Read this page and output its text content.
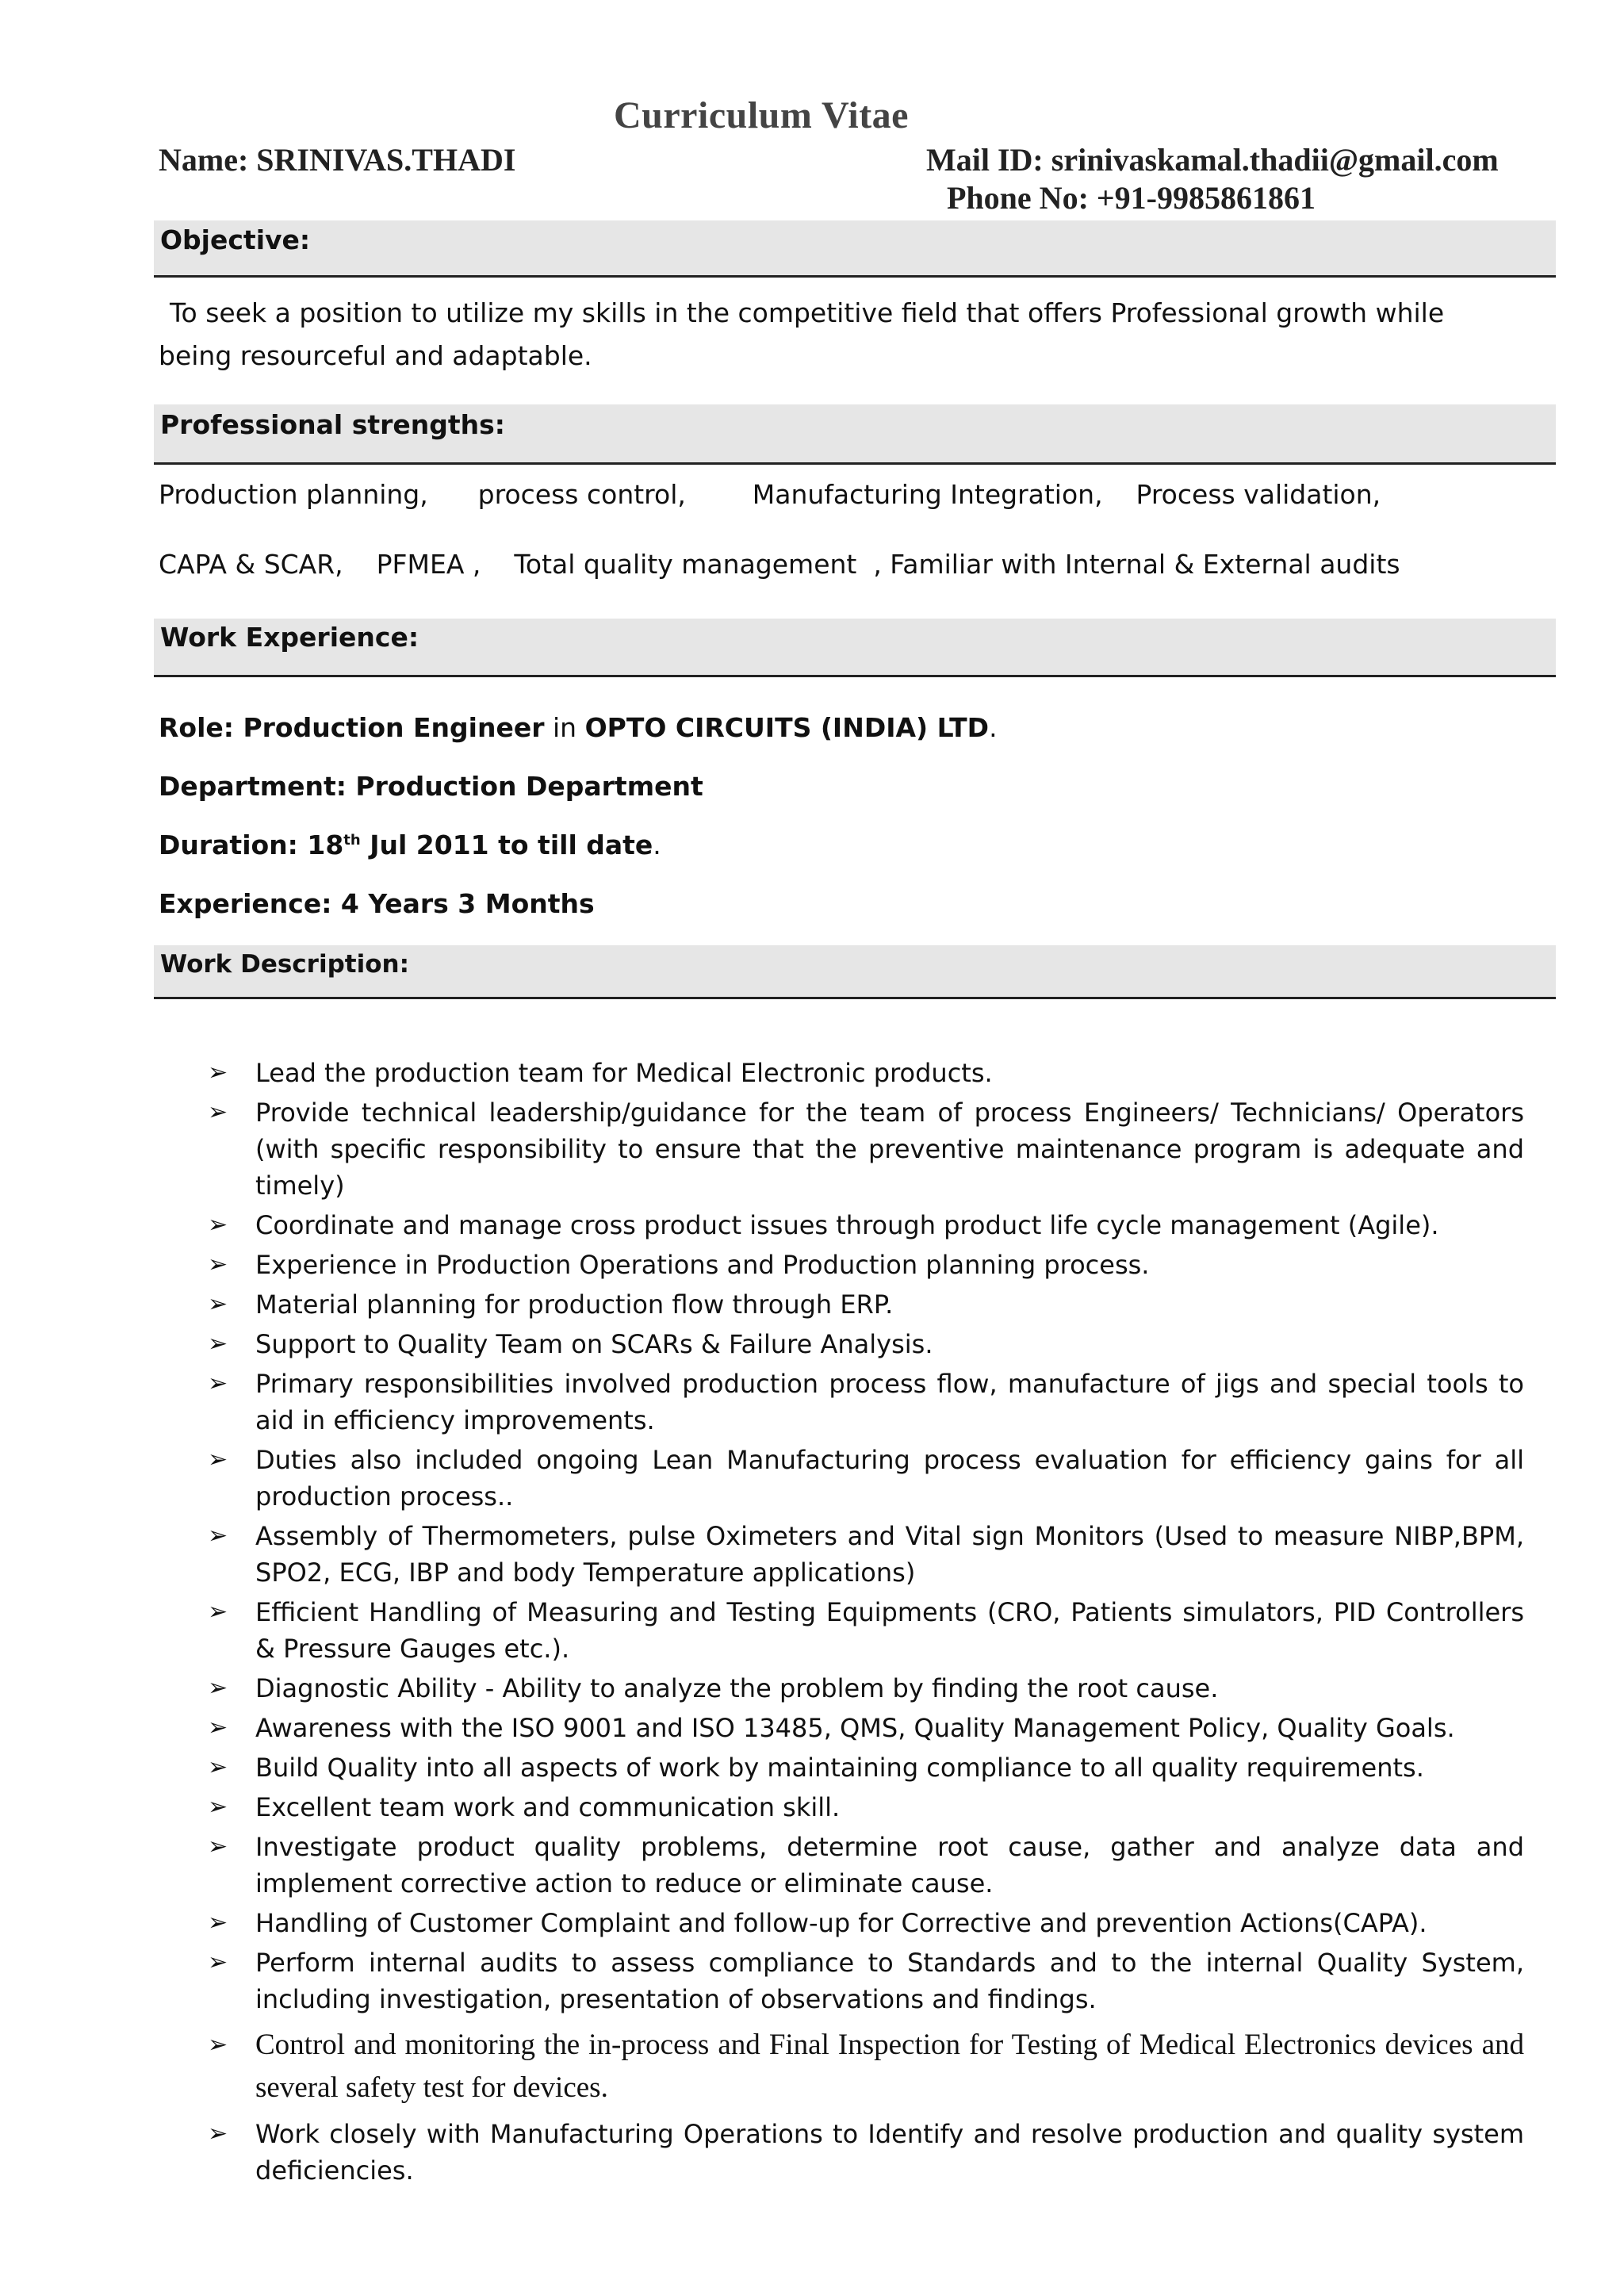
Curriculum Vitae
Name: SRINIVAS.THADI	Mail ID: srinivaskamal.thadii@gmail.com
Phone No: +91-9985861861
Objective:
To seek a position to utilize my skills in the competitive field that offers Professional growth while being resourceful and adaptable.
Professional strengths:
Production planning,      process control,        Manufacturing Integration,    Process validation,
CAPA & SCAR,    PFMEA ,    Total quality management  , Familiar with Internal & External audits
Work Experience:
Role: Production Engineer in OPTO CIRCUITS (INDIA) LTD.
Department: Production Department
Duration: 18th Jul 2011 to till date.
Experience: 4 Years 3 Months
Work Description:
➢ Lead the production team for Medical Electronic products.
➢ Provide technical leadership/guidance for the team of process Engineers/ Technicians/ Operators (with specific responsibility to ensure that the preventive maintenance program is adequate and timely)
➢ Coordinate and manage cross product issues through product life cycle management (Agile).
➢ Experience in Production Operations and Production planning process.
➢ Material planning for production flow through ERP.
➢ Support to Quality Team on SCARs & Failure Analysis.
➢ Primary responsibilities involved production process flow, manufacture of jigs and special tools to aid in efficiency improvements.
➢ Duties also included ongoing Lean Manufacturing process evaluation for efficiency gains for all production process..
➢ Assembly of Thermometers, pulse Oximeters and Vital sign Monitors (Used to measure NIBP,BPM, SPO2, ECG, IBP and body Temperature applications)
➢ Efficient Handling of Measuring and Testing Equipments (CRO, Patients simulators, PID Controllers & Pressure Gauges etc.).
➢ Diagnostic Ability - Ability to analyze the problem by finding the root cause.
➢ Awareness with the ISO 9001 and ISO 13485, QMS, Quality Management Policy, Quality Goals.
➢ Build Quality into all aspects of work by maintaining compliance to all quality requirements.
➢ Excellent team work and communication skill.
➢ Investigate product quality problems, determine root cause, gather and analyze data and implement corrective action to reduce or eliminate cause.
➢ Handling of Customer Complaint and follow-up for Corrective and prevention Actions(CAPA).
➢ Perform internal audits to assess compliance to Standards and to the internal Quality System, including investigation, presentation of observations and findings.
➢ Control and monitoring the in-process and Final Inspection for Testing of Medical Electronics devices and several safety test for devices.
➢ Work closely with Manufacturing Operations to Identify and resolve production and quality system deficiencies.
